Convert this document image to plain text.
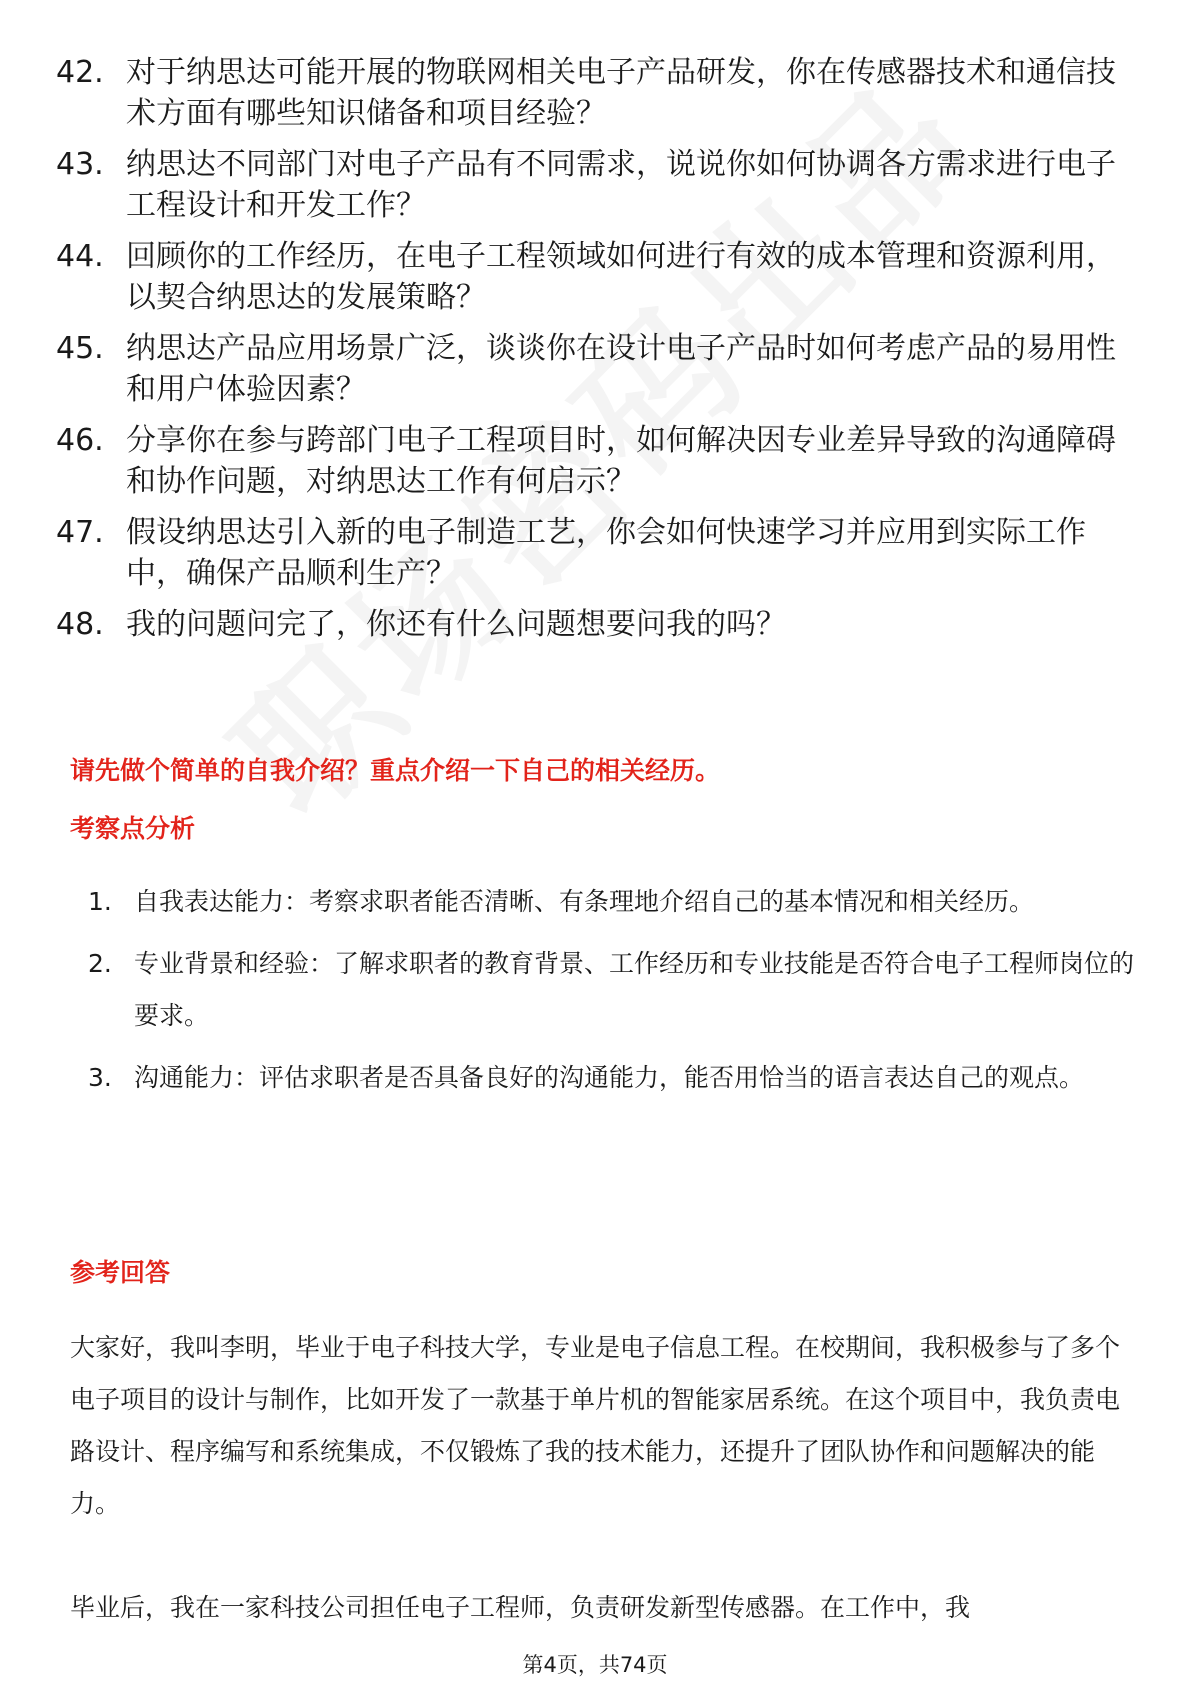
42. 对于纳思达可能开展的物联网相关电子产品研发，你在传感器技术和通信技术方面有哪些知识储备和项目经验？
43. 纳思达不同部门对电子产品有不同需求，说说你如何协调各方需求进行电子工程设计和开发工作？
44. 回顾你的工作经历，在电子工程领域如何进行有效的成本管理和资源利用，以契合纳思达的发展策略？
45. 纳思达产品应用场景广泛，谈谈你在设计电子产品时如何考虑产品的易用性和用户体验因素？
46. 分享你在参与跨部门电子工程项目时，如何解决因专业差异导致的沟通障碍和协作问题，对纳思达工作有何启示？
47. 假设纳思达引入新的电子制造工艺，你会如何快速学习并应用到实际工作中，确保产品顺利生产？
48. 我的问题问完了，你还有什么问题想要问我的吗？
请先做个简单的自我介绍？重点介绍一下自己的相关经历。
考察点分析
1. 自我表达能力：考察求职者能否清晰、有条理地介绍自己的基本情况和相关经历。
2. 专业背景和经验：了解求职者的教育背景、工作经历和专业技能是否符合电子工程师岗位的要求。
3. 沟通能力：评估求职者是否具备良好的沟通能力，能否用恰当的语言表达自己的观点。
参考回答
大家好，我叫李明，毕业于电子科技大学，专业是电子信息工程。在校期间，我积极参与了多个电子项目的设计与制作，比如开发了一款基于单片机的智能家居系统。在这个项目中，我负责电路设计、程序编写和系统集成，不仅锻炼了我的技术能力，还提升了团队协作和问题解决的能力。
毕业后，我在一家科技公司担任电子工程师，负责研发新型传感器。在工作中，我
第4页，共74页
